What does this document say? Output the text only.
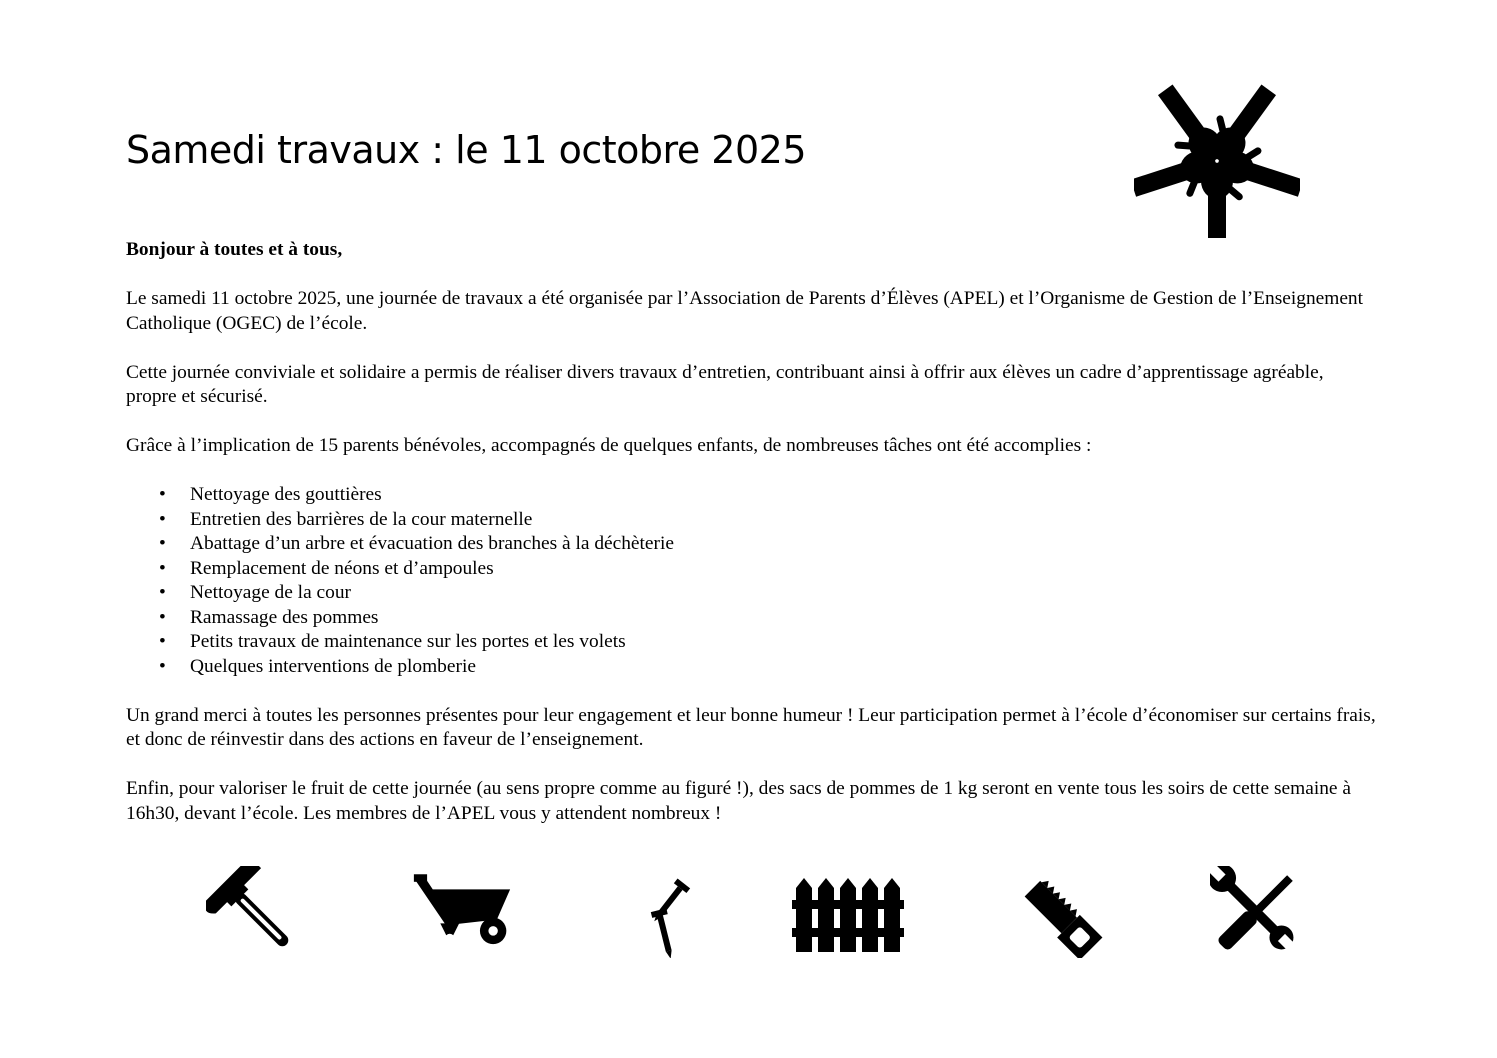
Samedi travaux : le 11 octobre 2025

Bonjour à toutes et à tous,

Le samedi 11 octobre 2025, une journée de travaux a été organisée par l’Association de Parents d’Élèves (APEL) et l’Organisme de Gestion de l’Enseignement Catholique (OGEC) de l’école.

Cette journée conviviale et solidaire a permis de réaliser divers travaux d’entretien, contribuant ainsi à offrir aux élèves un cadre d’apprentissage agréable, propre et sécurisé.

Grâce à l’implication de 15 parents bénévoles, accompagnés de quelques enfants, de nombreuses tâches ont été accomplies :

• Nettoyage des gouttières
• Entretien des barrières de la cour maternelle
• Abattage d’un arbre et évacuation des branches à la déchèterie
• Remplacement de néons et d’ampoules
• Nettoyage de la cour
• Ramassage des pommes
• Petits travaux de maintenance sur les portes et les volets
• Quelques interventions de plomberie

Un grand merci à toutes les personnes présentes pour leur engagement et leur bonne humeur ! Leur participation permet à l’école d’économiser sur certains frais, et donc de réinvestir dans des actions en faveur de l’enseignement.

Enfin, pour valoriser le fruit de cette journée (au sens propre comme au figuré !), des sacs de pommes de 1 kg seront en vente tous les soirs de cette semaine à 16h30, devant l’école. Les membres de l’APEL vous y attendent nombreux !
